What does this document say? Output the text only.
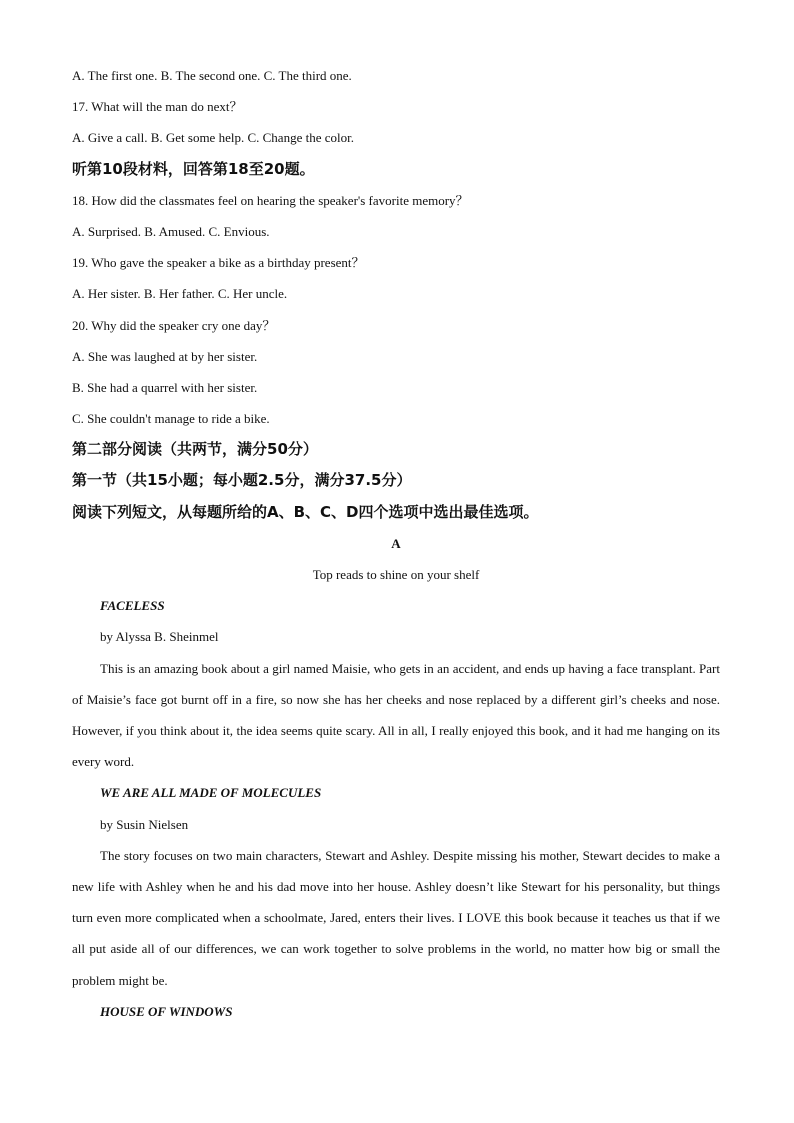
A. The first one. B. The second one. C. The third one.
17. What will the man do next？
A. Give a call. B. Get some help. C. Change the color.
听第10段材料，回答第18至20题。
18. How did the classmates feel on hearing the speaker's favorite memory？
A. Surprised. B. Amused. C. Envious.
19. Who gave the speaker a bike as a birthday present？
A. Her sister. B. Her father. C. Her uncle.
20. Why did the speaker cry one day？
A. She was laughed at by her sister.
B. She had a quarrel with her sister.
C. She couldn't manage to ride a bike.
第二部分阅读（共两节，满分50分）
第一节（共15小题；每小题2.5分，满分37.5分）
阅读下列短文，从每题所给的A、B、C、D四个选项中选出最佳选项。
A
Top reads to shine on your shelf
FACELESS
by Alyssa B. Sheinmel

This is an amazing book about a girl named Maisie, who gets in an accident, and ends up having a face transplant. Part of Maisie’s face got burnt off in a fire, so now she has her cheeks and nose replaced by a different girl’s cheeks and nose. However, if you think about it, the idea seems quite scary. All in all, I really enjoyed this book, and it had me hanging on its every word.

WE ARE ALL MADE OF MOLECULES
by Susin Nielsen

The story focuses on two main characters, Stewart and Ashley. Despite missing his mother, Stewart decides to make a new life with Ashley when he and his dad move into her house. Ashley doesn’t like Stewart for his personality, but things turn even more complicated when a schoolmate, Jared, enters their lives. I LOVE this book because it teaches us that if we all put aside all of our differences, we can work together to solve problems in the world, no matter how big or small the problem might be.

HOUSE OF WINDOWS
